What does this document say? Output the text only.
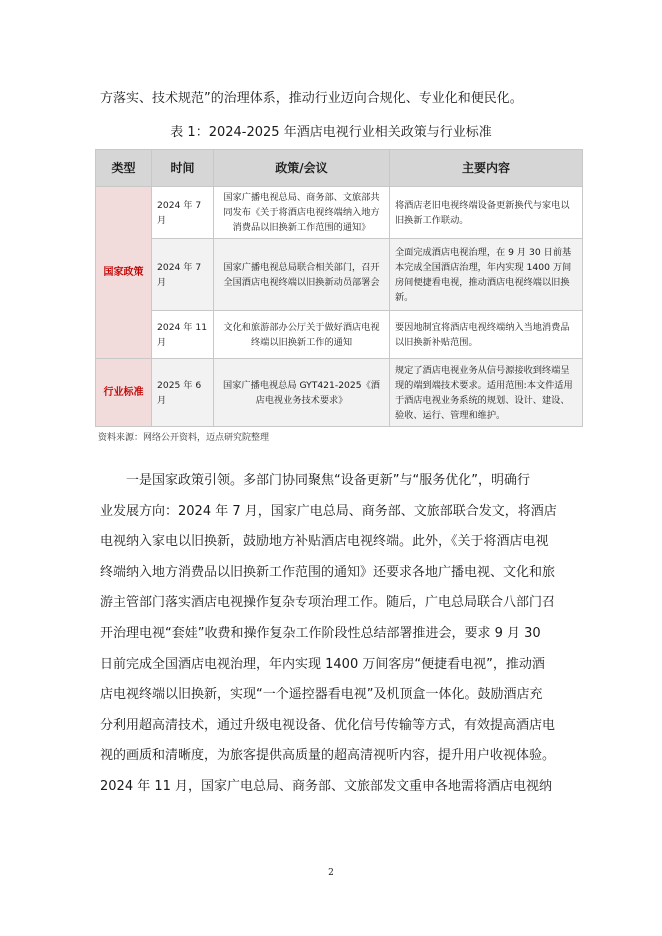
方落实、技术规范”的治理体系，推动行业迈向合规化、专业化和便民化。

表 1：2024-2025 年酒店电视行业相关政策与行业标准
类型	时间	政策/会议	主要内容
国家政策	2024 年 7 月	国家广播电视总局、商务部、文旅部共同发布《关于将酒店电视终端纳入地方消费品以旧换新工作范围的通知》	将酒店老旧电视终端设备更新换代与家电以旧换新工作联动。
	2024 年 7 月	国家广播电视总局联合相关部门，召开全国酒店电视终端以旧换新动员部署会	全面完成酒店电视治理，在 9 月 30 日前基本完成全国酒店治理，年内实现 1400 万间房间便捷看电视，推动酒店电视终端以旧换新。
	2024 年 11 月	文化和旅游部办公厅关于做好酒店电视终端以旧换新工作的通知	要因地制宜将酒店电视终端纳入当地消费品以旧换新补贴范围。
行业标准	2025 年 6 月	国家广播电视总局 GYT421-2025《酒店电视业务技术要求》	规定了酒店电视业务从信号源接收到终端呈现的端到端技术要求。适用范围:本文件适用于酒店电视业务系统的规划、设计、建设、验收、运行、管理和维护。
资料来源：网络公开资料，迈点研究院整理

一是国家政策引领。多部门协同聚焦“设备更新”与“服务优化”，明确行
业发展方向：2024 年 7 月，国家广电总局、商务部、文旅部联合发文，将酒店
电视纳入家电以旧换新，鼓励地方补贴酒店电视终端。此外，《关于将酒店电视
终端纳入地方消费品以旧换新工作范围的通知》还要求各地广播电视、文化和旅
游主管部门落实酒店电视操作复杂专项治理工作。随后，广电总局联合八部门召
开治理电视“套娃”收费和操作复杂工作阶段性总结部署推进会，要求 9 月 30
日前完成全国酒店电视治理，年内实现 1400 万间客房“便捷看电视”，推动酒
店电视终端以旧换新，实现“一个遥控器看电视”及机顶盒一体化。鼓励酒店充
分利用超高清技术，通过升级电视设备、优化信号传输等方式，有效提高酒店电
视的画质和清晰度，为旅客提供高质量的超高清视听内容，提升用户收视体验。
2024 年 11 月，国家广电总局、商务部、文旅部发文重申各地需将酒店电视纳

2
